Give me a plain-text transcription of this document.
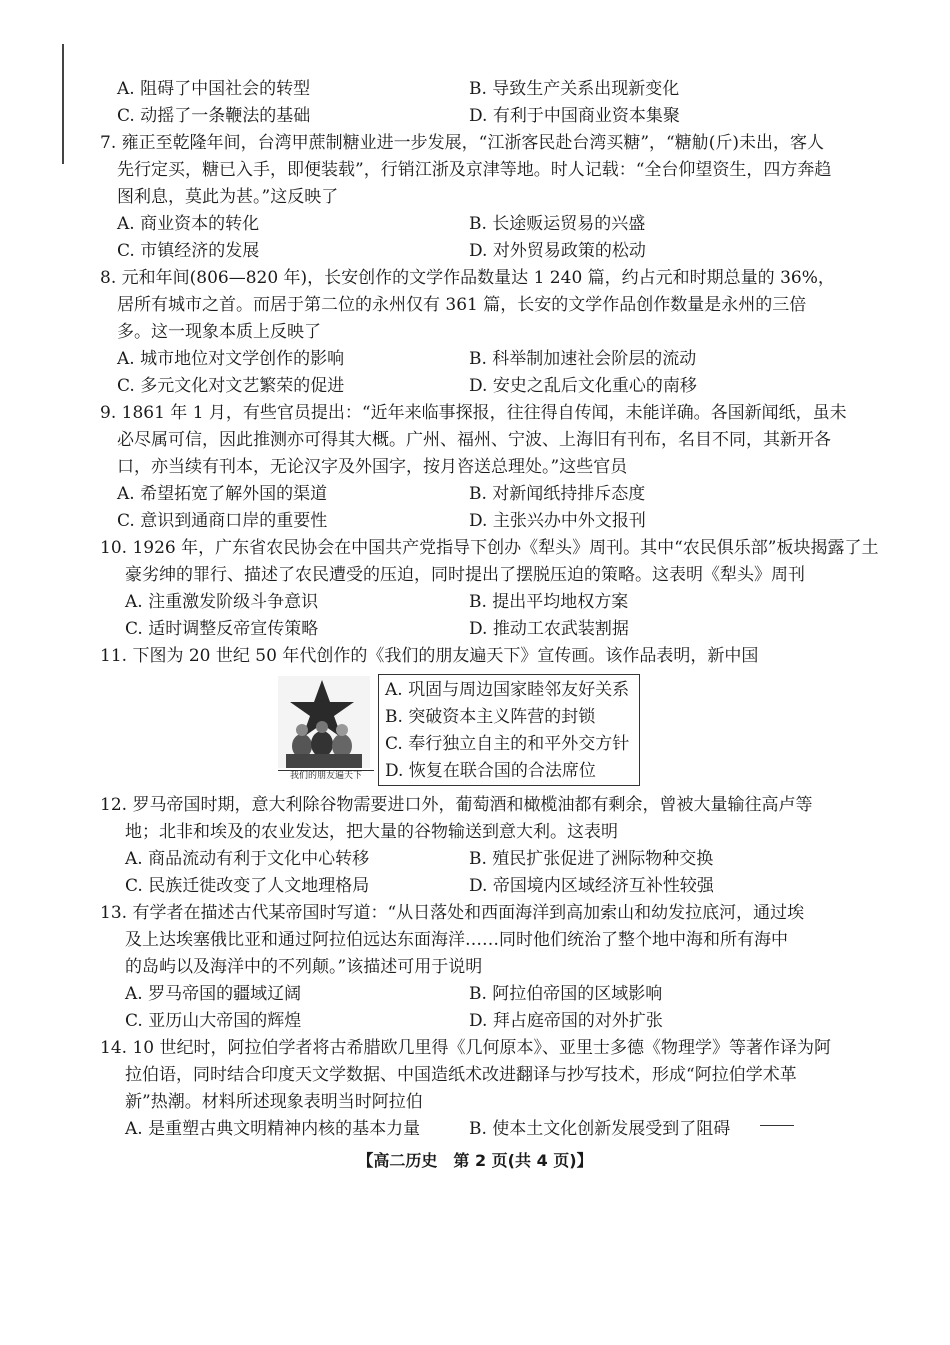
A. 阻碍了中国社会的转型	B. 导致生产关系出现新变化
C. 动摇了一条鞭法的基础	D. 有利于中国商业资本集聚
7. 雍正至乾隆年间，台湾甲蔗制糖业进一步发展，“江浙客民赴台湾买糖”，“糖觔(斤)未出，客人
先行定买，糖已入手，即便装载”，行销江浙及京津等地。时人记载：“全台仰望资生，四方奔趋
图利息，莫此为甚。”这反映了
A. 商业资本的转化	B. 长途贩运贸易的兴盛
C. 市镇经济的发展	D. 对外贸易政策的松动
8. 元和年间(806—820 年)，长安创作的文学作品数量达 1 240 篇，约占元和时期总量的 36%，
居所有城市之首。而居于第二位的永州仅有 361 篇，长安的文学作品创作数量是永州的三倍
多。这一现象本质上反映了
A. 城市地位对文学创作的影响	B. 科举制加速社会阶层的流动
C. 多元文化对文艺繁荣的促进	D. 安史之乱后文化重心的南移
9. 1861 年 1 月，有些官员提出：“近年来临事探报，往往得自传闻，未能详确。各国新闻纸，虽未
必尽属可信，因此推测亦可得其大概。广州、福州、宁波、上海旧有刊布，名目不同，其新开各
口，亦当续有刊本，无论汉字及外国字，按月咨送总理处。”这些官员
A. 希望拓宽了解外国的渠道	B. 对新闻纸持排斥态度
C. 意识到通商口岸的重要性	D. 主张兴办中外文报刊
10. 1926 年，广东省农民协会在中国共产党指导下创办《犁头》周刊。其中“农民俱乐部”板块揭露了土
豪劣绅的罪行、描述了农民遭受的压迫，同时提出了摆脱压迫的策略。这表明《犁头》周刊
A. 注重激发阶级斗争意识	B. 提出平均地权方案
C. 适时调整反帝宣传策略	D. 推动工农武装割据
11. 下图为 20 世纪 50 年代创作的《我们的朋友遍天下》宣传画。该作品表明，新中国
我们的朋友遍天下
A. 巩固与周边国家睦邻友好关系
B. 突破资本主义阵营的封锁
C. 奉行独立自主的和平外交方针
D. 恢复在联合国的合法席位
12. 罗马帝国时期，意大利除谷物需要进口外，葡萄酒和橄榄油都有剩余，曾被大量输往高卢等
地；北非和埃及的农业发达，把大量的谷物输送到意大利。这表明
A. 商品流动有利于文化中心转移	B. 殖民扩张促进了洲际物种交换
C. 民族迁徙改变了人文地理格局	D. 帝国境内区域经济互补性较强
13. 有学者在描述古代某帝国时写道：“从日落处和西面海洋到高加索山和幼发拉底河，通过埃
及上达埃塞俄比亚和通过阿拉伯远达东面海洋……同时他们统治了整个地中海和所有海中
的岛屿以及海洋中的不列颠。”该描述可用于说明
A. 罗马帝国的疆域辽阔	B. 阿拉伯帝国的区域影响
C. 亚历山大帝国的辉煌	D. 拜占庭帝国的对外扩张
14. 10 世纪时，阿拉伯学者将古希腊欧几里得《几何原本》、亚里士多德《物理学》等著作译为阿
拉伯语，同时结合印度天文学数据、中国造纸术改进翻译与抄写技术，形成“阿拉伯学术革
新”热潮。材料所述现象表明当时阿拉伯
A. 是重塑古典文明精神内核的基本力量	B. 使本土文化创新发展受到了阻碍
【高二历史　第 2 页(共 4 页)】
